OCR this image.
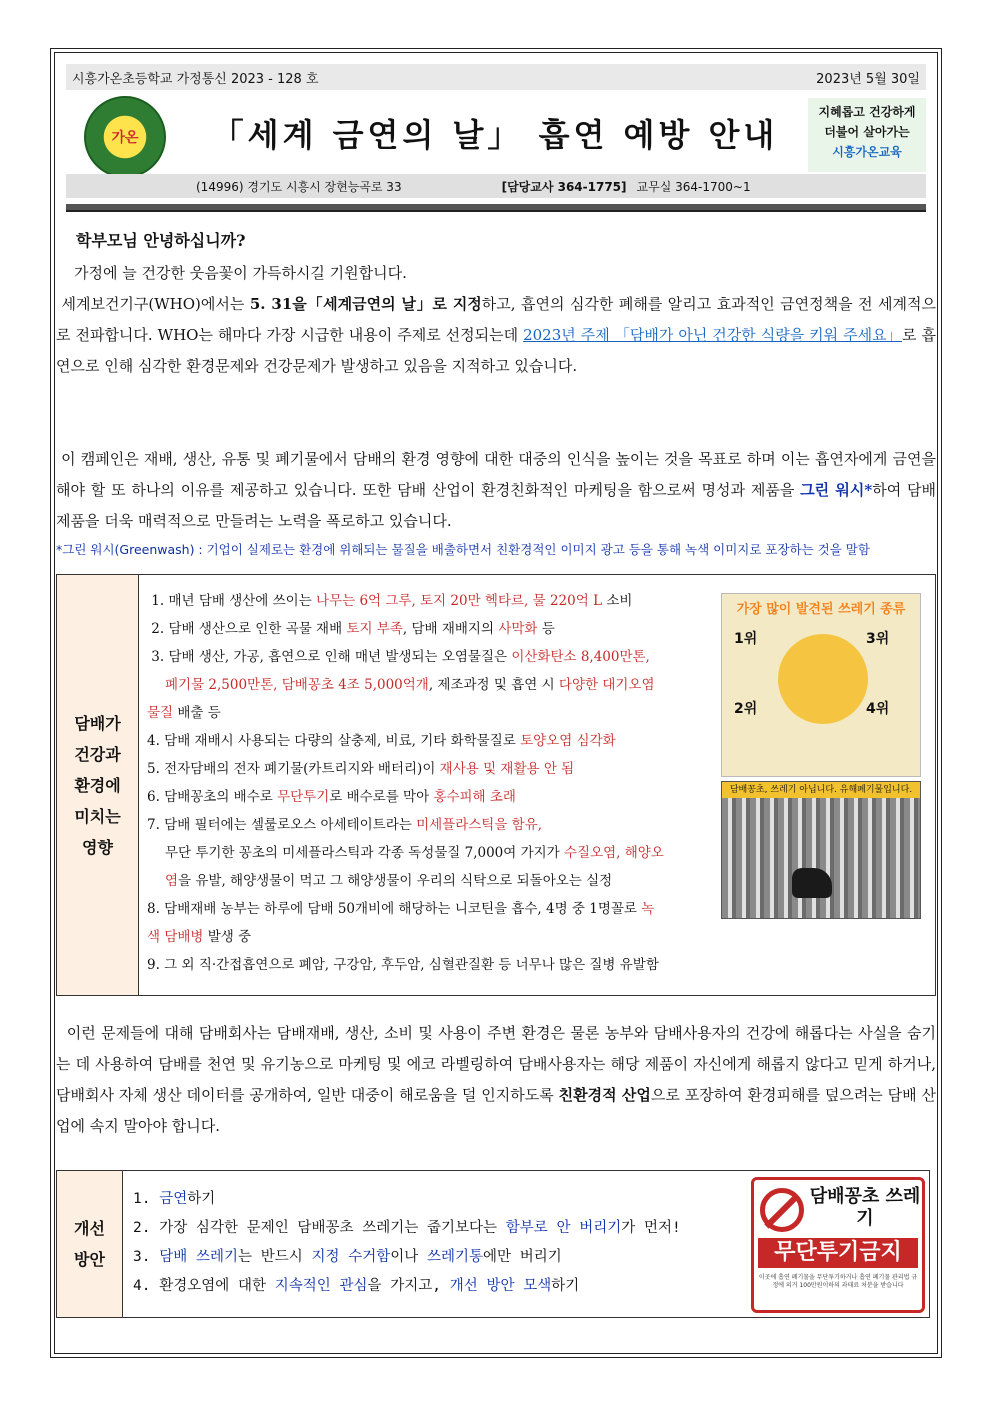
시흥가온초등학교 가정통신 2023 - 128 호	2023년 5월 30일
가온	「세계 금연의 날」 흡연 예방 안내
지혜롭고 건강하게
더불어 살아가는
시흥가온교육
(14996) 경기도 시흥시 장현능곡로 33	[담당교사 364-1775] 교무실 364-1700~1
학부모님 안녕하십니까?
가정에 늘 건강한 웃음꽃이 가득하시길 기원합니다.
세계보건기구(WHO)에서는 5. 31을「세계금연의 날」로 지정하고, 흡연의 심각한 폐해를 알리고 효과적인 금연정책을 전 세계적으로 전파합니다. WHO는 해마다 가장 시급한 내용이 주제로 선정되는데 2023년 주제 「담배가 아닌 건강한 식량을 키워 주세요」로 흡연으로 인해 심각한 환경문제와 건강문제가 발생하고 있음을 지적하고 있습니다.
이 캠페인은 재배, 생산, 유통 및 폐기물에서 담배의 환경 영향에 대한 대중의 인식을 높이는 것을 목표로 하며 이는 흡연자에게 금연을 해야 할 또 하나의 이유를 제공하고 있습니다. 또한 담배 산업이 환경친화적인 마케팅을 함으로써 명성과 제품을 그린 워시*하여 담배 제품을 더욱 매력적으로 만들려는 노력을 폭로하고 있습니다.
*그린 워시(Greenwash) : 기업이 실제로는 환경에 위해되는 물질을 배출하면서 친환경적인 이미지 광고 등을 통해 녹색 이미지로 포장하는 것을 말함
담배가
건강과
환경에
미치는
영향
1. 매년 담배 생산에 쓰이는 나무는 6억 그루, 토지 20만 헥타르, 물 220억 L 소비
2. 담배 생산으로 인한 곡물 재배 토지 부족, 담배 재배지의 사막화 등
3. 담배 생산, 가공, 흡연으로 인해 매년 발생되는 오염물질은 이산화탄소 8,400만톤,
폐기물 2,500만톤, 담배꽁초 4조 5,000억개, 제조과정 및 흡연 시 다양한 대기오염
물질 배출 등
4. 담배 재배시 사용되는 다량의 살충제, 비료, 기타 화학물질로 토양오염 심각화
5. 전자담배의 전자 폐기물(카트리지와 배터리)이 재사용 및 재활용 안 됨
6. 담배꽁초의 배수로 무단투기로 배수로를 막아 홍수피해 초래
7. 담배 필터에는 셀룰로오스 아세테이트라는 미세플라스틱을 함유,
무단 투기한 꽁초의 미세플라스틱과 각종 독성물질 7,000여 가지가 수질오염, 해양오
염을 유발, 해양생물이 먹고 그 해양생물이 우리의 식탁으로 되돌아오는 실정
8. 담배재배 농부는 하루에 담배 50개비에 해당하는 니코틴을 흡수, 4명 중 1명꼴로 녹
색 담배병 발생 중
9. 그 외 직·간접흡연으로 폐암, 구강암, 후두암, 심혈관질환 등 너무나 많은 질병 유발함
가장 많이 발견된 쓰레기 종류
1위	3위
2위	4위
담배꽁초, 쓰레기 아닙니다. 유해폐기물입니다.
이런 문제들에 대해 담배회사는 담배재배, 생산, 소비 및 사용이 주변 환경은 물론 농부와 담배사용자의 건강에 해롭다는 사실을 숨기는 데 사용하여 담배를 천연 및 유기농으로 마케팅 및 에코 라벨링하여 담배사용자는 해당 제품이 자신에게 해롭지 않다고 믿게 하거나, 담배회사 자체 생산 데이터를 공개하여, 일반 대중이 해로움을 덜 인지하도록 친환경적 산업으로 포장하여 환경피해를 덮으려는 담배 산업에 속지 말아야 합니다.
개선
방안
1. 금연하기
2. 가장 심각한 문제인 담배꽁초 쓰레기는 줍기보다는 함부로 안 버리기가 먼저!
3. 담배 쓰레기는 반드시 지정 수거함이나 쓰레기통에만 버리기
4. 환경오염에 대한 지속적인 관심을 가지고, 개선 방안 모색하기
담배꽁초 쓰레기
무단투기금지
이곳에 흡연 폐기물을 무단투기하거나 흡연 폐기물 관리법 규정에 의거 100만원이하의 과태료 처분을 받습니다
